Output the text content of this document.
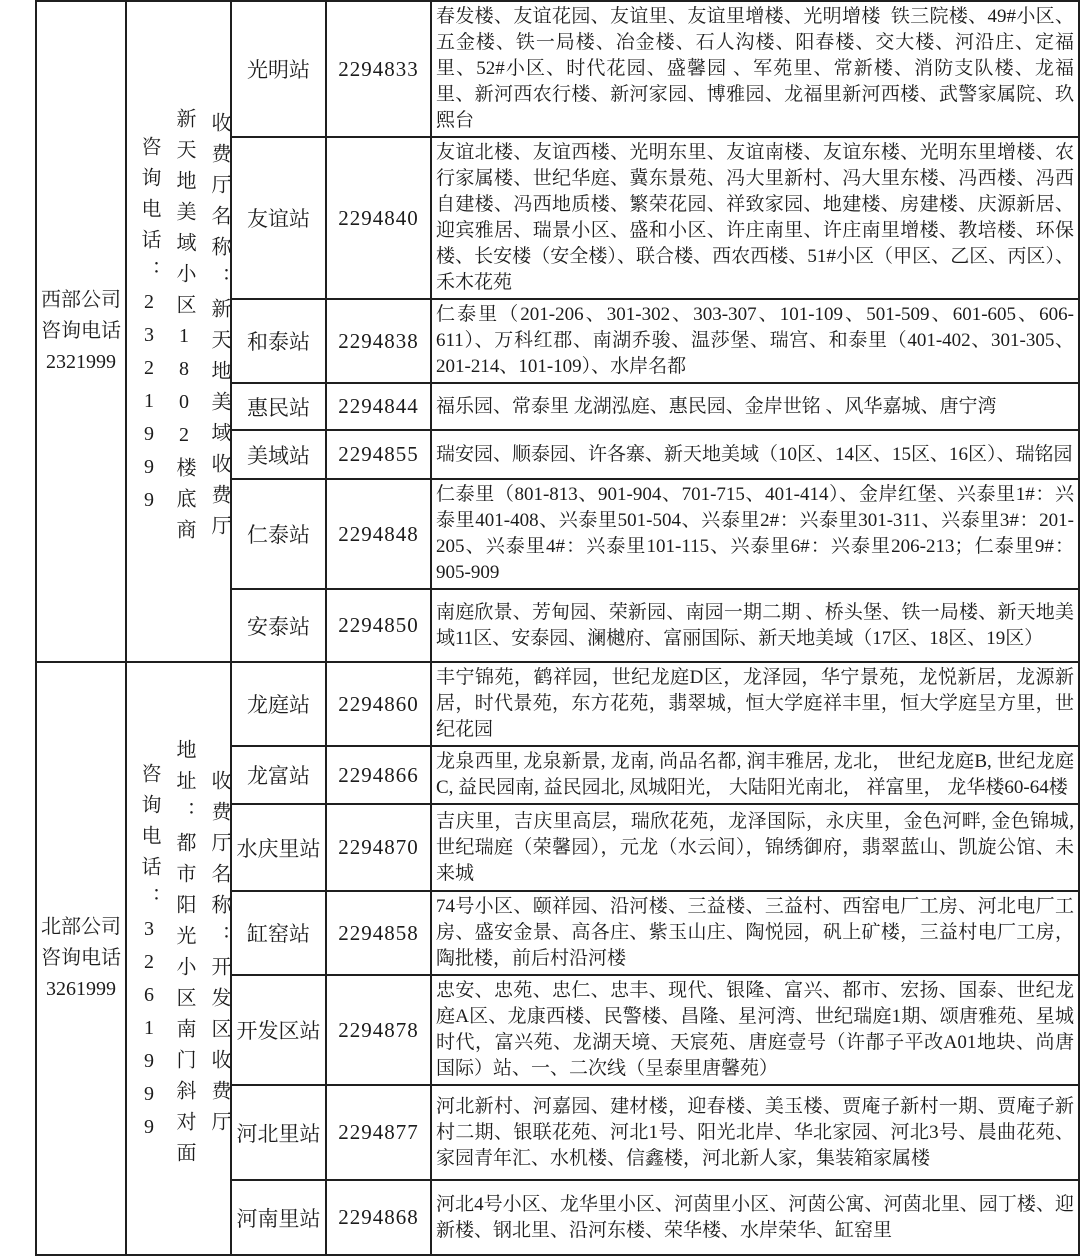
西部公司
咨询电话
2321999	收费厅名称：新天地美域收费厅
新天地美域小区1802楼底商
咨询电话：2321999
	光明站	2294833	春发楼、友谊花园、友谊里、友谊里增楼、光明增楼  铁三院楼、49#小区、五金楼、铁一局楼、冶金楼、石人沟楼、阳春楼、交大楼、河沿庄、定福里、52#小区、时代花园、盛馨园 、军苑里、常新楼、消防支队楼、龙福里、新河西农行楼、新河家园、博雅园、龙福里新河西楼、武警家属院、玖熙台
		友谊站	2294840	友谊北楼、友谊西楼、光明东里、友谊南楼、友谊东楼、光明东里增楼、农行家属楼、世纪华庭、冀东景苑、冯大里新村、冯大里东楼、冯西楼、冯西自建楼、冯西地质楼、繁荣花园、祥致家园、地建楼、房建楼、庆源新居、迎宾雅居、瑞景小区、盛和小区、许庄南里、许庄南里增楼、教培楼、环保楼、长安楼（安全楼）、联合楼、西农西楼、51#小区（甲区、乙区、丙区）、禾木花苑
		和泰站	2294838	仁泰里（201-206、301-302、303-307、101-109、501-509、601-605、606-611）、万科红郡、南湖乔骏、温莎堡、瑞宫、和泰里（401-402、301-305、201-214、101-109）、水岸名都
		惠民站	2294844	福乐园、常泰里 龙湖泓庭、惠民园、金岸世铭 、风华嘉城、唐宁湾
		美域站	2294855	瑞安园、顺泰园、许各寨、新天地美域（10区、14区、15区、16区）、瑞铭园
		仁泰站	2294848	仁泰里（801-813、901-904、701-715、401-414）、金岸红堡、兴泰里1#：兴泰里401-408、兴泰里501-504、兴泰里2#：兴泰里301-311、兴泰里3#：201-205、兴泰里4#：兴泰里101-115、兴泰里6#：兴泰里206-213；仁泰里9#：905-909
		安泰站	2294850	南庭欣景、芳甸园、荣新园、南园一期二期 、桥头堡、铁一局楼、新天地美域11区、安泰园、澜樾府、富丽国际、新天地美域（17区、18区、19区）

北部公司
咨询电话
3261999	收费厅名称：开发区收费厅
地址：都市阳光小区南门斜对面
咨询电话：3261999
	龙庭站	2294860	丰宁锦苑，鹤祥园，世纪龙庭D区，龙泽园，华宁景苑，龙悦新居，龙源新居，时代景苑，东方花苑，翡翠城，恒大学庭祥丰里，恒大学庭呈方里，世纪花园
		龙富站	2294866	龙泉西里, 龙泉新景, 龙南, 尚品名都, 润丰雅居, 龙北， 世纪龙庭B, 世纪龙庭C, 益民园南, 益民园北, 凤城阳光， 大陆阳光南北， 祥富里， 龙华楼60-64楼
		水庆里站	2294870	吉庆里，吉庆里高层，瑞欣花苑，龙泽国际，永庆里，金色河畔, 金色锦城, 世纪瑞庭（荣馨园），元龙（水云间），锦绣御府，翡翠蓝山、凯旋公馆、未来城
		缸窑站	2294858	74号小区、颐祥园、沿河楼、三益楼、三益村、西窑电厂工房、河北电厂工房、盛安金景、高各庄、紫玉山庄、陶悦园，矾上矿楼，三益村电厂工房，陶批楼，前后村沿河楼
		开发区站	2294878	忠安、忠苑、忠仁、忠丰、现代、银隆、富兴、都市、宏扬、国泰、世纪龙庭A区、龙康西楼、民警楼、昌隆、星河湾、世纪瑞庭1期、颂唐雅苑、星城时代，富兴苑、龙湖天境、天宸苑、唐庭壹号（许郬子平改A01地块、尚唐国际）站、一、二次线（呈泰里唐馨苑）
		河北里站	2294877	河北新村、河嘉园、建材楼，迎春楼、美玉楼、贾庵子新村一期、贾庵子新村二期、银联花苑、河北1号、阳光北岸、华北家园、河北3号、晨曲花苑、家园青年汇、水机楼、信鑫楼，河北新人家，集装箱家属楼
		河南里站	2294868	河北4号小区、龙华里小区、河茵里小区、河茵公寓、河茵北里、园丁楼、迎新楼、钢北里、沿河东楼、荣华楼、水岸荣华、缸窑里
